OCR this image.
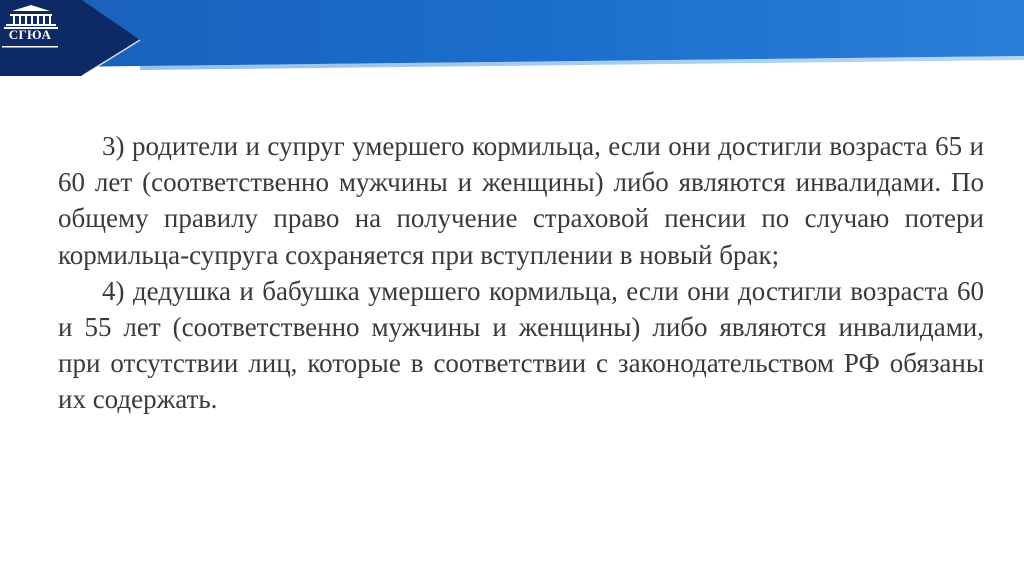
СГЮА

3) родители и супруг умершего кормильца, если они достигли возраста 65 и 60 лет (соответственно мужчины и женщины) либо являются инвалидами. По общему правилу право на получение страховой пенсии по случаю потери кормильца-супруга сохраняется при вступлении в новый брак;

4) дедушка и бабушка умершего кормильца, если они достигли возраста 60 и 55 лет (соответственно мужчины и женщины) либо являются инвалидами, при отсутствии лиц, которые в соответствии с законодательством РФ обязаны их содержать.
